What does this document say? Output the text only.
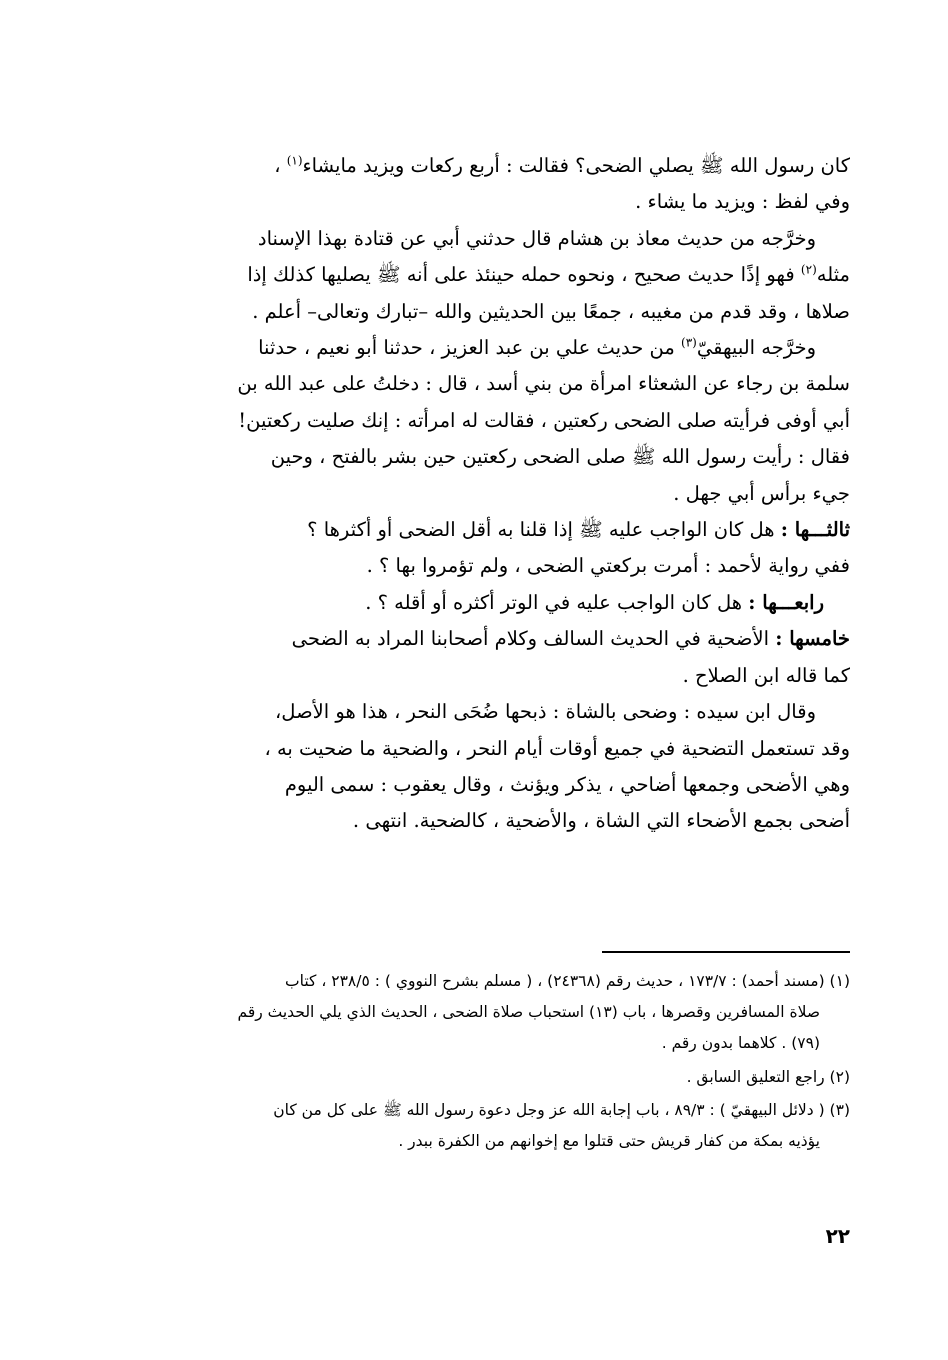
كان رسول الله ﷺ يصلي الضحى؟ فقالت : أربع ركعات ويزيد مايشاء$^{(١)}$ ،
وفي لفظ : ويزيد ما يشاء .

وخرَّجه من حديث معاذ بن هشام قال حدثني أبي عن قتادة بهذا الإسناد
مثله$^{(٢)}$ فهو إذًا حديث صحيح ، ونحوه حمله حينئذ على أنه ﷺ يصليها كذلك إذا
صلاها ، وقد قدم من مغيبه ، جمعًا بين الحديثين والله –تبارك وتعالى– أعلم .

وخرَّجه البيهقيّ$^{(٣)}$ من حديث علي بن عبد العزيز ، حدثنا أبو نعيم ، حدثنا
سلمة بن رجاء عن الشعثاء امرأة من بني أسد ، قال : دخلتُ على عبد الله بن
أبي أوفى فرأيته صلى الضحى ركعتين ، فقالت له امرأته : إنك صليت ركعتين!
فقال : رأيت رسول الله ﷺ صلى الضحى ركعتين حين بشر بالفتح ، وحين
جيء برأس أبي جهل .

ثالثـــها : هل كان الواجب عليه ﷺ إذا قلنا به أقل الضحى أو أكثرها ؟
ففي رواية لأحمد : أمرت بركعتي الضحى ، ولم تؤمروا بها ؟ .

رابعـــها : هل كان الواجب عليه في الوتر أكثره أو أقله ؟ .

خامسها : الأضحية في الحديث السالف وكلام أصحابنا المراد به الضحى
كما قاله ابن الصلاح .

وقال ابن سيده : وضحى بالشاة : ذبحها ضُحَى النحر ، هذا هو الأصل،
وقد تستعمل التضحية في جميع أوقات أيام النحر ، والضحية ما ضحيت به ،
وهي الأضحى وجمعها أضاحي ، يذكر ويؤنث ، وقال يعقوب : سمى اليوم
أضحى بجمع الأضحاء التي الشاة ، والأضحية ، كالضحية. انتهى .

(١) (مسند أحمد) : ١٧٣/٧ ، حديث رقم (٢٤٣٦٨) ، ( مسلم بشرح النووي ) : ٢٣٨/٥ ، كتاب
صلاة المسافرين وقصرها ، باب (١٣) استحباب صلاة الضحى ، الحديث الذي يلي الحديث رقم
(٧٩) . كلاهما بدون رقم .

(٢) راجع التعليق السابق .

(٣) ( دلائل البيهقيّ ) : ٨٩/٣ ، باب إجابة الله عز وجل دعوة رسول الله ﷺ على كل من كان
يؤذيه بمكة من كفار قريش حتى قتلوا مع إخوانهم من الكفرة ببدر .

٢٢
